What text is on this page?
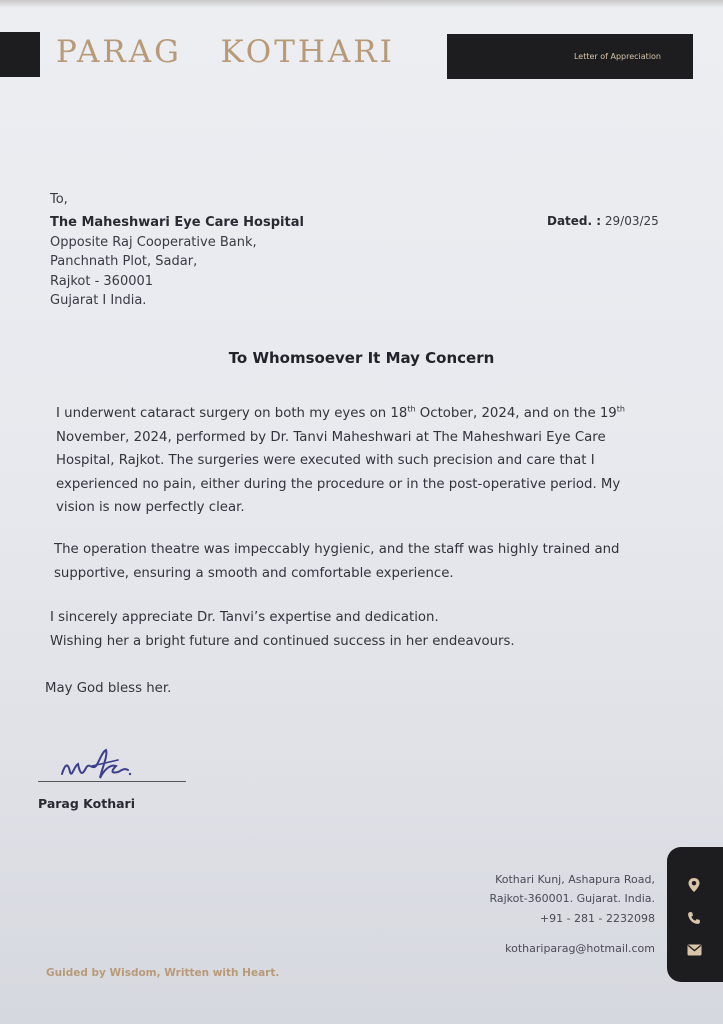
PARAG   KOTHARI	Letter of Appreciation
To,
The Maheshwari Eye Care Hospital
Opposite Raj Cooperative Bank,
Panchnath Plot, Sadar,
Rajkot - 360001
Gujarat I India.
Dated. : 29/03/25
To Whomsoever It May Concern
I underwent cataract surgery on both my eyes on 18th October, 2024, and on the 19th November, 2024, performed by Dr. Tanvi Maheshwari at The Maheshwari Eye Care Hospital, Rajkot. The surgeries were executed with such precision and care that I experienced no pain, either during the procedure or in the post-operative period. My vision is now perfectly clear.
The operation theatre was impeccably hygienic, and the staff was highly trained and supportive, ensuring a smooth and comfortable experience.
I sincerely appreciate Dr. Tanvi’s expertise and dedication.
Wishing her a bright future and continued success in her endeavours.
May God bless her.
Parag Kothari
Kothari Kunj, Ashapura Road,
Rajkot-360001. Gujarat. India.
+91 - 281 - 2232098
kothariparag@hotmail.com
Guided by Wisdom, Written with Heart.
